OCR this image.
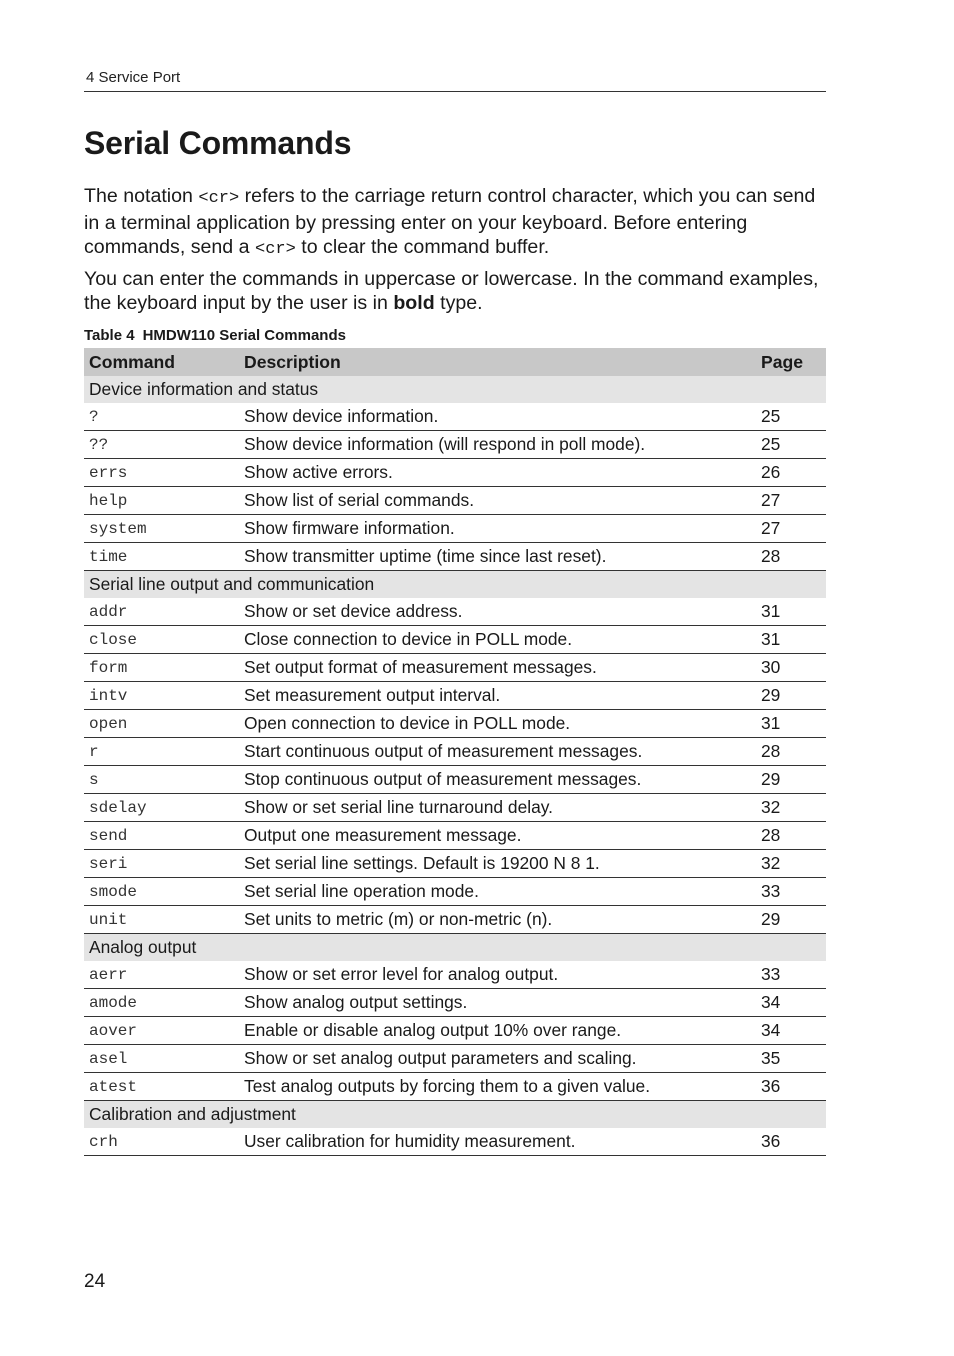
4 Service Port
Serial Commands

The notation <cr> refers to the carriage return control character, which you can send in a terminal application by pressing enter on your keyboard. Before entering commands, send a <cr> to clear the command buffer.

You can enter the commands in uppercase or lowercase. In the command examples, the keyboard input by the user is in bold type.

Table 4 HMDW110 Serial Commands
Command	Description	Page
Device information and status		
?	Show device information.	25
??	Show device information (will respond in poll mode).	25
errs	Show active errors.	26
help	Show list of serial commands.	27
system	Show firmware information.	27
time	Show transmitter uptime (time since last reset).	28
Serial line output and communication		
addr	Show or set device address.	31
close	Close connection to device in POLL mode.	31
form	Set output format of measurement messages.	30
intv	Set measurement output interval.	29
open	Open connection to device in POLL mode.	31
r	Start continuous output of measurement messages.	28
s	Stop continuous output of measurement messages.	29
sdelay	Show or set serial line turnaround delay.	32
send	Output one measurement message.	28
seri	Set serial line settings. Default is 19200 N 8 1.	32
smode	Set serial line operation mode.	33
unit	Set units to metric (m) or non-metric (n).	29
Analog output		
aerr	Show or set error level for analog output.	33
amode	Show analog output settings.	34
aover	Enable or disable analog output 10% over range.	34
asel	Show or set analog output parameters and scaling.	35
atest	Test analog outputs by forcing them to a given value.	36
Calibration and adjustment		
crh	User calibration for humidity measurement.	36
24
